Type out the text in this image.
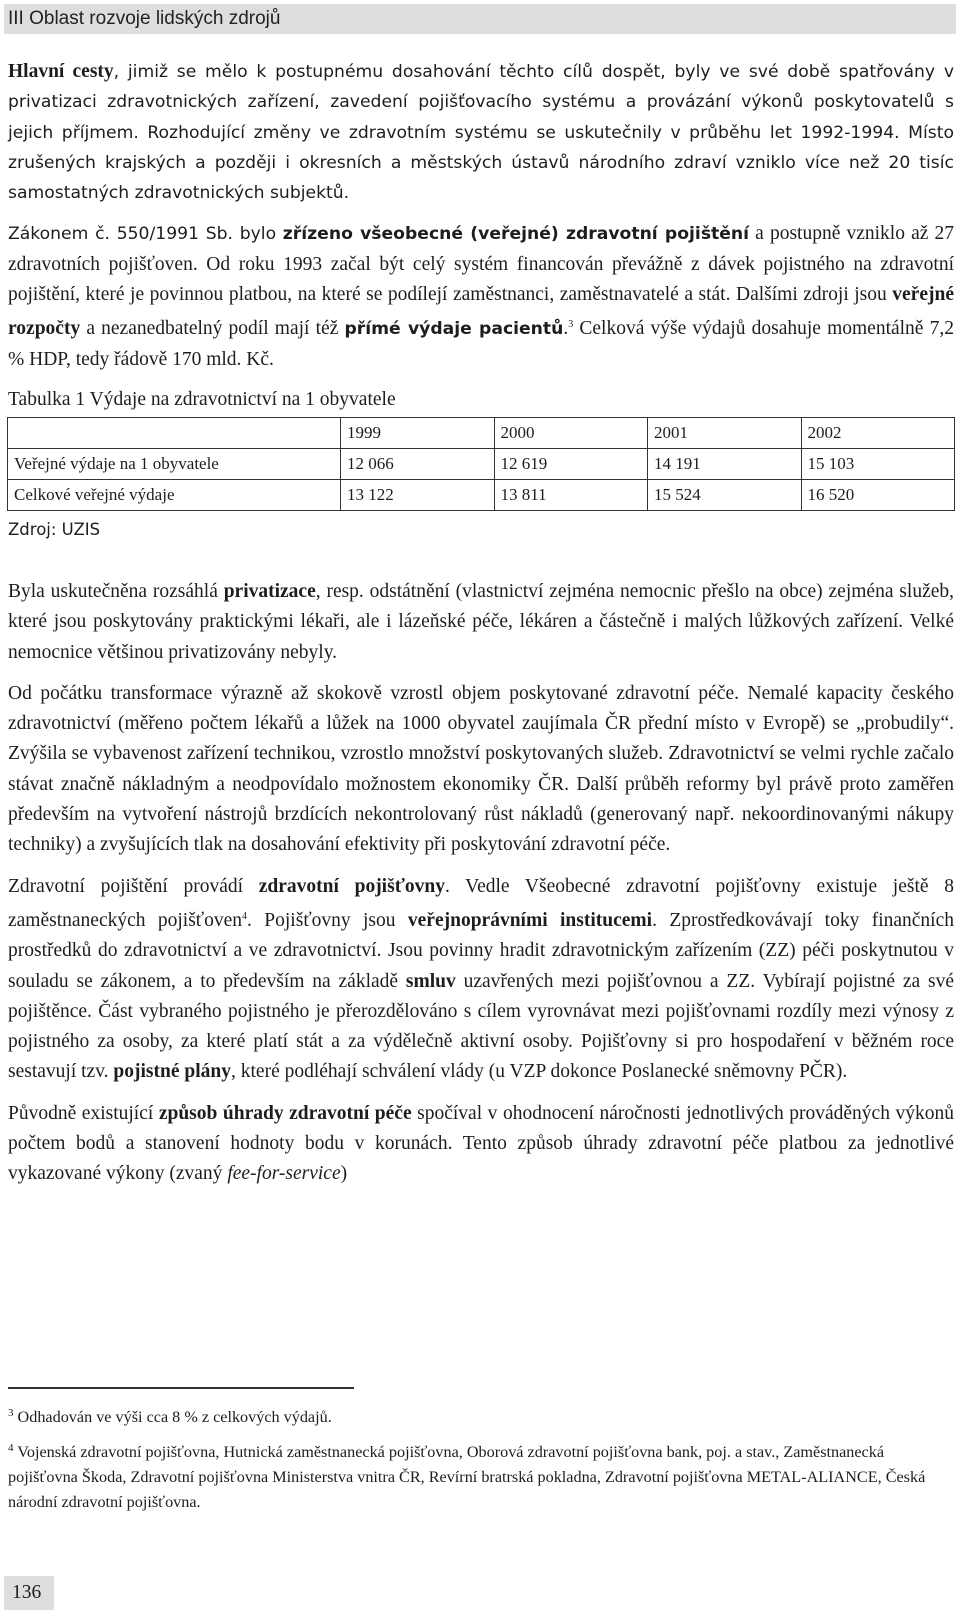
III Oblast rozvoje lidských zdrojů

Hlavní cesty, jimiž se mělo k postupnému dosahování těchto cílů dospět, byly ve své době spatřovány v privatizaci zdravotnických zařízení, zavedení pojišťovacího systému a provázání výkonů poskytovatelů s jejich příjmem. Rozhodující změny ve zdravotním systému se uskutečnily v průběhu let 1992-1994. Místo zrušených krajských a později i okresních a městských ústavů národního zdraví vzniklo více než 20 tisíc samostatných zdravotnických subjektů.

Zákonem č. 550/1991 Sb. bylo zřízeno všeobecné (veřejné) zdravotní pojištění a postupně vzniklo až 27 zdravotních pojišťoven. Od roku 1993 začal být celý systém financován převážně z dávek pojistného na zdravotní pojištění, které je povinnou platbou, na které se podílejí zaměstnanci, zaměstnavatelé a stát. Dalšími zdroji jsou veřejné rozpočty a nezanedbatelný podíl mají též přímé výdaje pacientů.$^3$ Celková výše výdajů dosahuje momentálně 7,2 % HDP, tedy řádově 170 mld. Kč.

Tabulka 1 Výdaje na zdravotnictví na 1 obyvatele
	1999	2000	2001	2002
Veřejné výdaje na 1 obyvatele	12 066	12 619	14 191	15 103
Celkové veřejné výdaje	13 122	13 811	15 524	16 520
Zdroj: UZIS

Byla uskutečněna rozsáhlá privatizace, resp. odstátnění (vlastnictví zejména nemocnic přešlo na obce) zejména služeb, které jsou poskytovány praktickými lékaři, ale i lázeňské péče, lékáren a částečně i malých lůžkových zařízení. Velké nemocnice většinou privatizovány nebyly.

Od počátku transformace výrazně až skokově vzrostl objem poskytované zdravotní péče. Nemalé kapacity českého zdravotnictví (měřeno počtem lékařů a lůžek na 1000 obyvatel zaujímala ČR přední místo v Evropě) se „probudily“. Zvýšila se vybavenost zařízení technikou, vzrostlo množství poskytovaných služeb. Zdravotnictví se velmi rychle začalo stávat značně nákladným a neodpovídalo možnostem ekonomiky ČR. Další průběh reformy byl právě proto zaměřen především na vytvoření nástrojů brzdících nekontrolovaný růst nákladů (generovaný např. nekoordinovanými nákupy techniky) a zvyšujících tlak na dosahování efektivity při poskytování zdravotní péče.

Zdravotní pojištění provádí zdravotní pojišťovny. Vedle Všeobecné zdravotní pojišťovny existuje ještě 8 zaměstnaneckých pojišťoven$^4$. Pojišťovny jsou veřejnoprávními institucemi. Zprostředkovávají toky finančních prostředků do zdravotnictví a ve zdravotnictví. Jsou povinny hradit zdravotnickým zařízením (ZZ) péči poskytnutou v souladu se zákonem, a to především na základě smluv uzavřených mezi pojišťovnou a ZZ. Vybírají pojistné za své pojištěnce. Část vybraného pojistného je přerozdělováno s cílem vyrovnávat mezi pojišťovnami rozdíly mezi výnosy z pojistného za osoby, za které platí stát a za výdělečně aktivní osoby. Pojišťovny si pro hospodaření v běžném roce sestavují tzv. pojistné plány, které podléhají schválení vlády (u VZP dokonce Poslanecké sněmovny PČR).

Původně existující způsob úhrady zdravotní péče spočíval v ohodnocení náročnosti jednotlivých prováděných výkonů počtem bodů a stanovení hodnoty bodu v korunách. Tento způsob úhrady zdravotní péče platbou za jednotlivé vykazované výkony (zvaný fee-for-service)

$^3$ Odhadován ve výši cca 8 % z celkových výdajů.
$^4$ Vojenská zdravotní pojišťovna, Hutnická zaměstnanecká pojišťovna, Oborová zdravotní pojišťovna bank, poj. a stav., Zaměstnanecká pojišťovna Škoda, Zdravotní pojišťovna Ministerstva vnitra ČR, Revírní bratrská pokladna, Zdravotní pojišťovna METAL-ALIANCE, Česká národní zdravotní pojišťovna.
136
